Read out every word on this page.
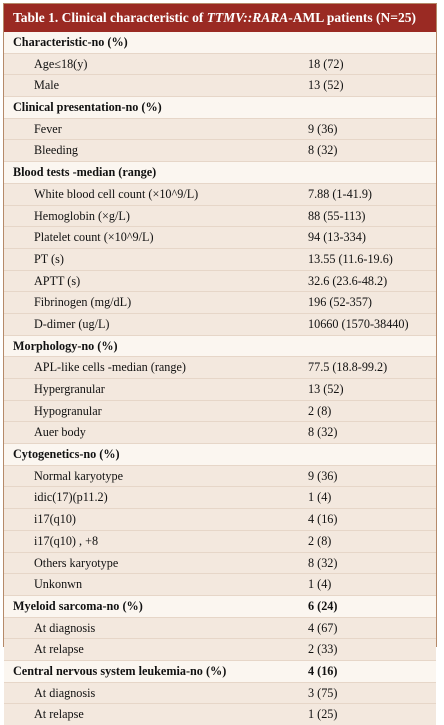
Table 1. Clinical characteristic of TTMV::RARA-AML patients (N=25)
Characteristic-no (%)
Age≤18(y)	18 (72)
Male	13 (52)
Clinical presentation-no (%)
Fever	9 (36)
Bleeding	8 (32)
Blood tests -median (range)
White blood cell count (×10^9/L)	7.88 (1-41.9)
Hemoglobin (×g/L)	88 (55-113)
Platelet count (×10^9/L)	94 (13-334)
PT (s)	13.55 (11.6-19.6)
APTT (s)	32.6 (23.6-48.2)
Fibrinogen (mg/dL)	196 (52-357)
D-dimer (ug/L)	10660 (1570-38440)
Morphology-no (%)
APL-like cells -median (range)	77.5 (18.8-99.2)
Hypergranular	13 (52)
Hypogranular	2 (8)
Auer body	8 (32)
Cytogenetics-no (%)
Normal karyotype	9 (36)
idic(17)(p11.2)	1 (4)
i17(q10)	4 (16)
i17(q10) , +8	2 (8)
Others karyotype	8 (32)
Unkonwn	1 (4)
Myeloid sarcoma-no (%)	6 (24)
At diagnosis	4 (67)
At relapse	2 (33)
Central nervous system leukemia-no (%)	4 (16)
At diagnosis	3 (75)
At relapse	1 (25)
